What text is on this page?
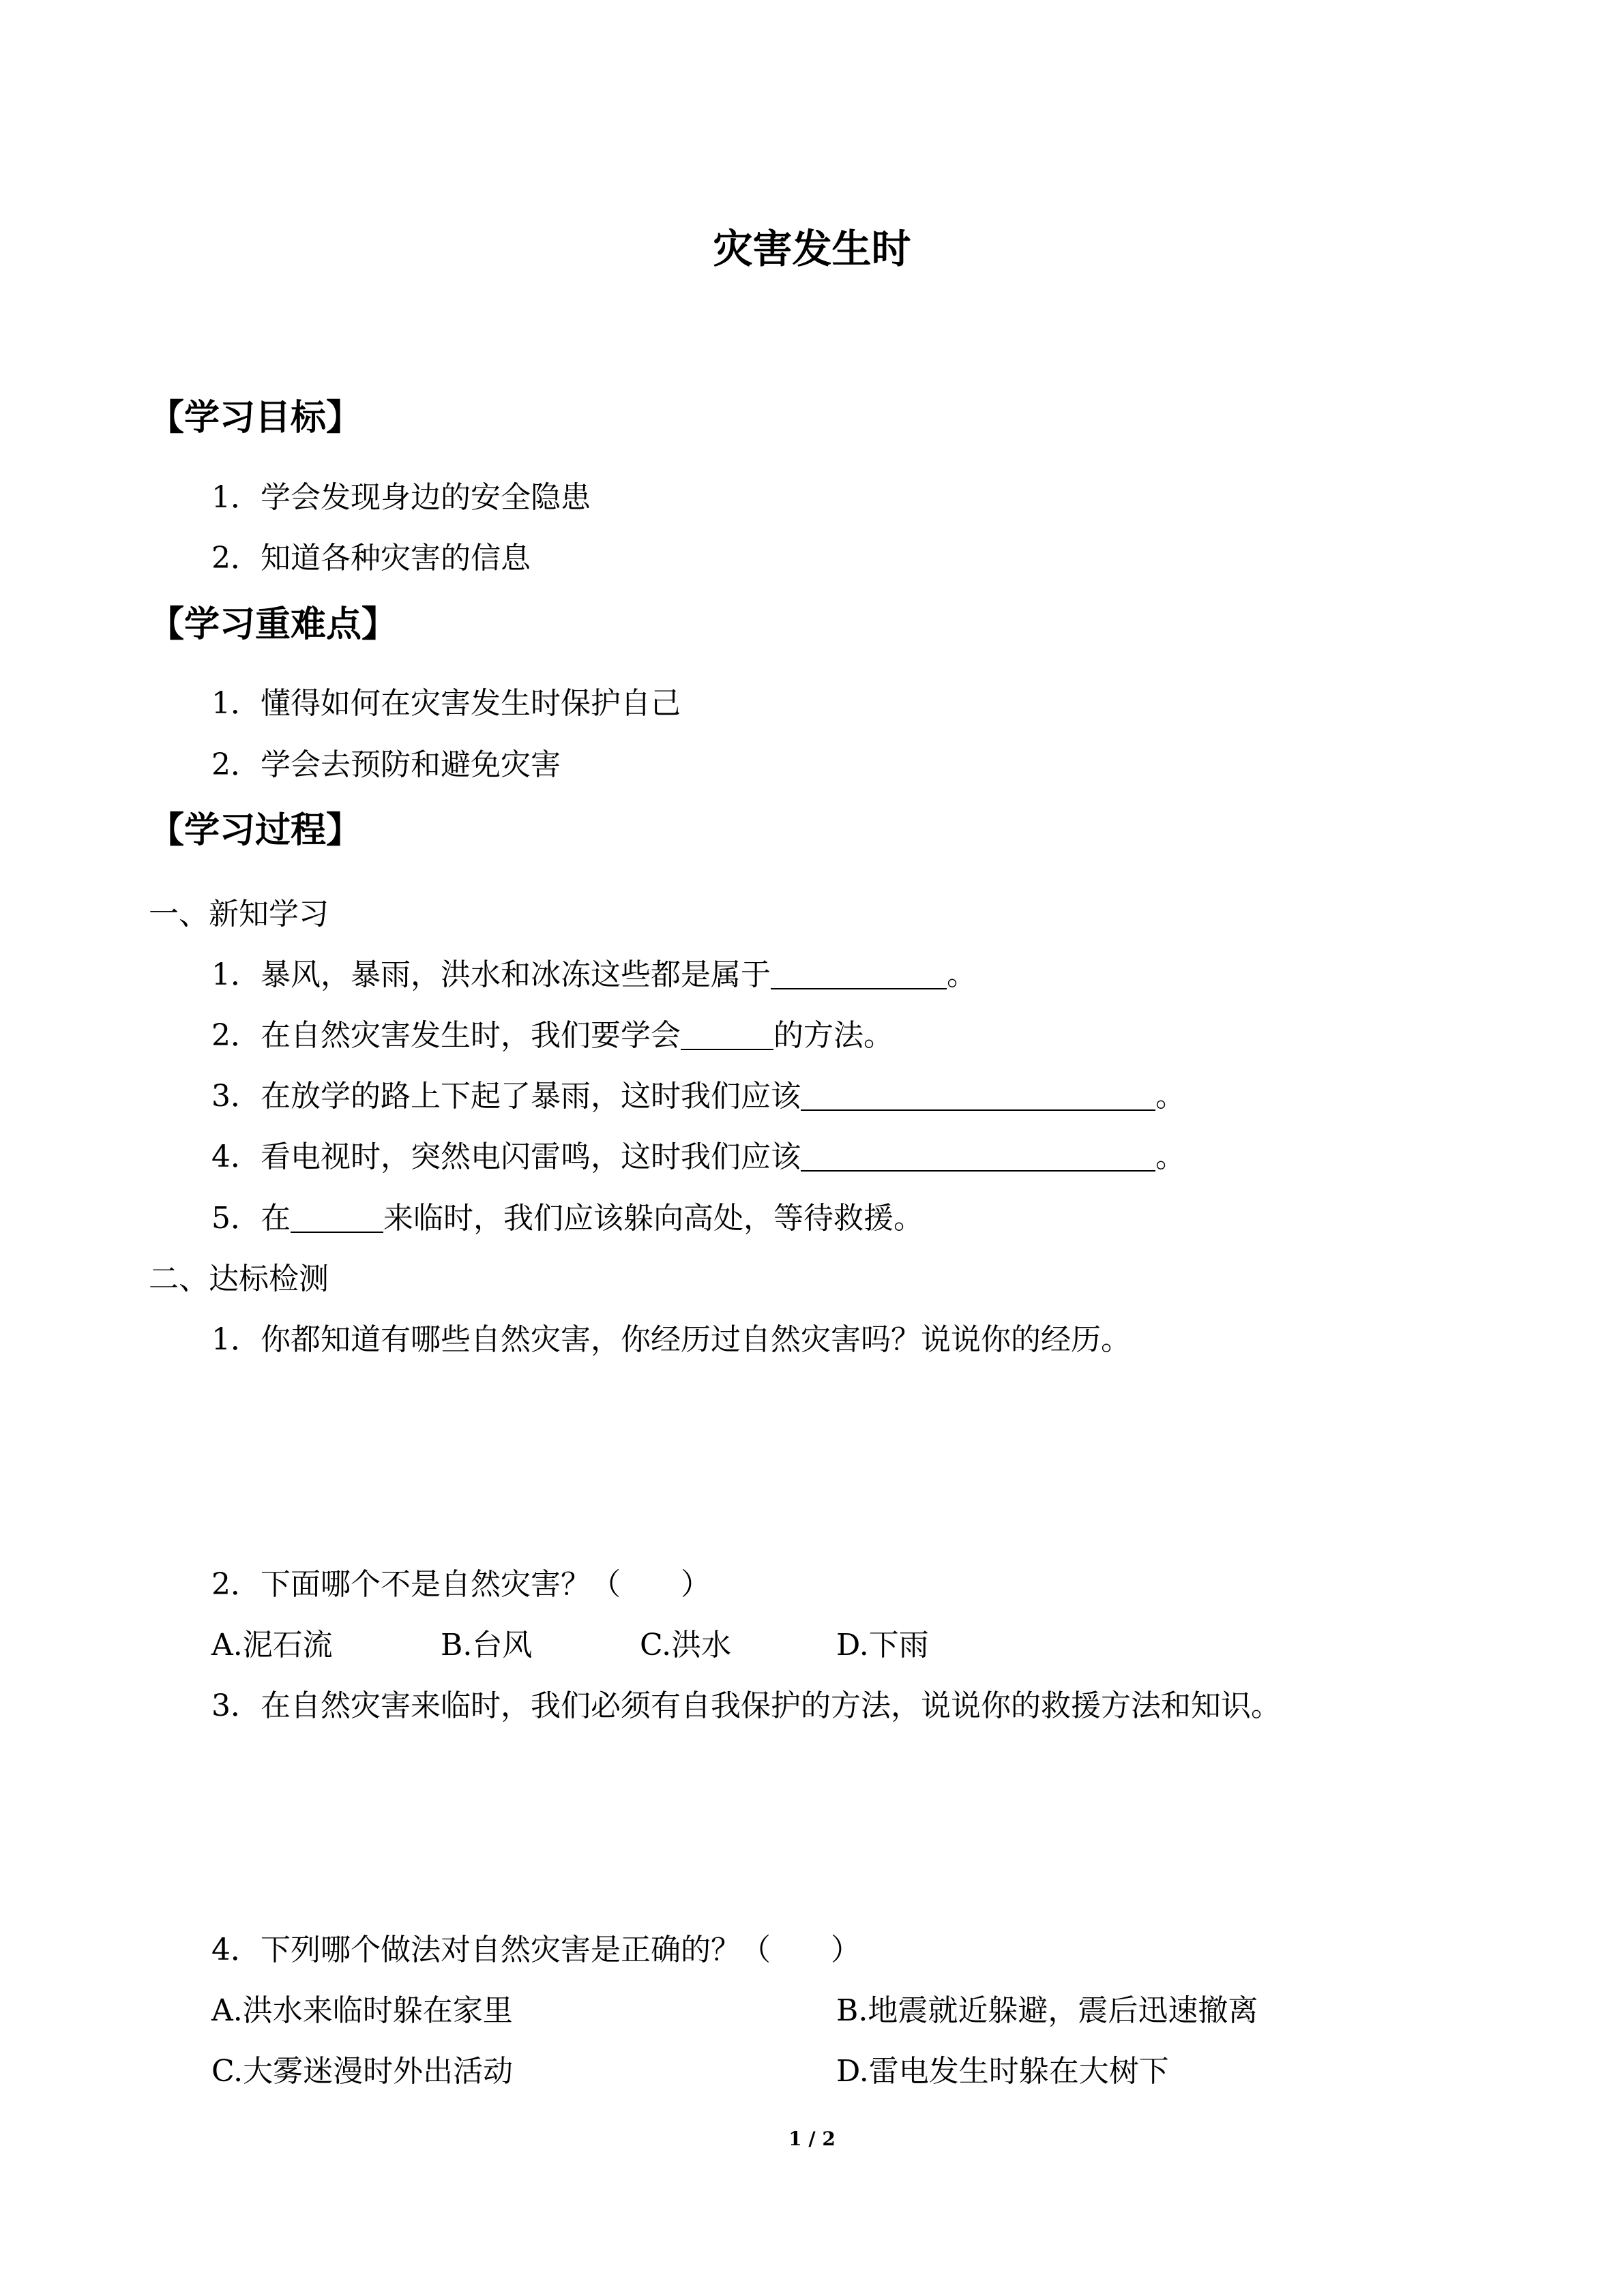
灾害发生时
【学习目标】
1．学会发现身边的安全隐患
2．知道各种灾害的信息
【学习重难点】
1．懂得如何在灾害发生时保护自己
2．学会去预防和避免灾害
【学习过程】
一、新知学习
1．暴风，暴雨，洪水和冰冻这些都是属于	。
2．在自然灾害发生时，我们要学会	的方法。
3．在放学的路上下起了暴雨，这时我们应该	。
4．看电视时，突然电闪雷鸣，这时我们应该	。
5．在	来临时，我们应该躲向高处，等待救援。
二、达标检测
1．你都知道有哪些自然灾害，你经历过自然灾害吗？说说你的经历。
2．下面哪个不是自然灾害？（　　）
A.泥石流	B.台风	C.洪水	D.下雨
3．在自然灾害来临时，我们必须有自我保护的方法，说说你的救援方法和知识。
4．下列哪个做法对自然灾害是正确的？（　　）
A.洪水来临时躲在家里	B.地震就近躲避，震后迅速撤离
C.大雾迷漫时外出活动	D.雷电发生时躲在大树下
1 / 2
